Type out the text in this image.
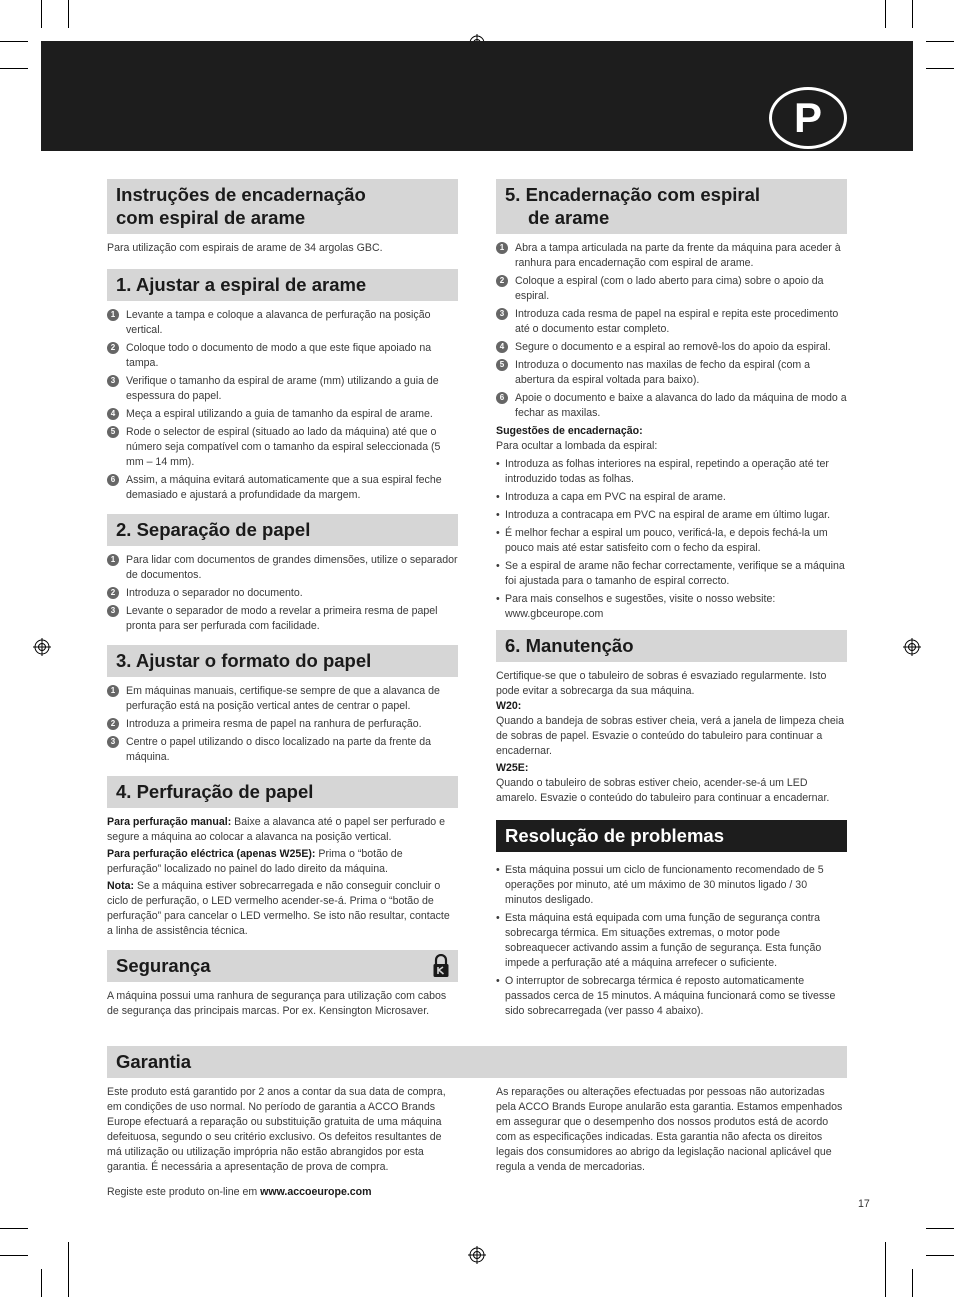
P
Instruções de encadernação
com espiral de arame
Para utilização com espirais de arame de 34 argolas GBC.
1. Ajustar a espiral de arame
1	Levante a tampa e coloque a alavanca de perfuração na posição vertical.
2	Coloque todo o documento de modo a que este fique apoiado na tampa.
3	Verifique o tamanho da espiral de arame (mm) utilizando a guia de espessura do papel.
4	Meça a espiral utilizando a guia de tamanho da espiral de arame.
5	Rode o selector de espiral (situado ao lado da máquina) até que o número seja compatível com o tamanho da espiral seleccionada (5 mm – 14 mm).
6	Assim, a máquina evitará automaticamente que a sua espiral feche demasiado e ajustará a profundidade da margem.
2. Separação de papel
1	Para lidar com documentos de grandes dimensões, utilize o separador de documentos.
2	Introduza o separador no documento.
3	Levante o separador de modo a revelar a primeira resma de papel pronta para ser perfurada com facilidade.
3. Ajustar o formato do papel
1	Em máquinas manuais, certifique-se sempre de que a alavanca de perfuração está na posição vertical antes de centrar o papel.
2	Introduza a primeira resma de papel na ranhura de perfuração.
3	Centre o papel utilizando o disco localizado na parte da frente da máquina.
4. Perfuração de papel
Para perfuração manual: Baixe a alavanca até o papel ser perfurado e segure a máquina ao colocar a alavanca na posição vertical.
Para perfuração eléctrica (apenas W25E): Prima o “botão de perfuração” localizado no painel do lado direito da máquina.
Nota: Se a máquina estiver sobrecarregada e não conseguir concluir o ciclo de perfuração, o LED vermelho acender-se-á. Prima o “botão de perfuração” para cancelar o LED vermelho. Se isto não resultar, contacte a linha de assistência técnica.
Segurança
A máquina possui uma ranhura de segurança para utilização com cabos de segurança das principais marcas. Por ex. Kensington Microsaver.
5. Encadernação com espiral
de arame
1	Abra a tampa articulada na parte da frente da máquina para aceder à ranhura para encadernação com espiral de arame.
2	Coloque a espiral (com o lado aberto para cima) sobre o apoio da espiral.
3	Introduza cada resma de papel na espiral e repita este procedimento até o documento estar completo.
4	Segure o documento e a espiral ao removê-los do apoio da espiral.
5	Introduza o documento nas maxilas de fecho da espiral (com a abertura da espiral voltada para baixo).
6	Apoie o documento e baixe a alavanca do lado da máquina de modo a fechar as maxilas.
Sugestões de encadernação:
Para ocultar a lombada da espiral:
• Introduza as folhas interiores na espiral, repetindo a operação até ter introduzido todas as folhas.
• Introduza a capa em PVC na espiral de arame.
• Introduza a contracapa em PVC na espiral de arame em último lugar.
• É melhor fechar a espiral um pouco, verificá-la, e depois fechá-la um pouco mais até estar satisfeito com o fecho da espiral.
• Se a espiral de arame não fechar correctamente, verifique se a máquina foi ajustada para o tamanho de espiral correcto.
• Para mais conselhos e sugestões, visite o nosso website: www.gbceurope.com
6. Manutenção
Certifique-se que o tabuleiro de sobras é esvaziado regularmente. Isto pode evitar a sobrecarga da sua máquina.
W20:
Quando a bandeja de sobras estiver cheia, verá a janela de limpeza cheia de sobras de papel. Esvazie o conteúdo do tabuleiro para continuar a encadernar.
W25E:
Quando o tabuleiro de sobras estiver cheio, acender-se-á um LED amarelo. Esvazie o conteúdo do tabuleiro para continuar a encadernar.
Resolução de problemas
• Esta máquina possui um ciclo de funcionamento recomendado de 5 operações por minuto, até um máximo de 30 minutos ligado / 30 minutos desligado.
• Esta máquina está equipada com uma função de segurança contra sobrecarga térmica. Em situações extremas, o motor pode sobreaquecer activando assim a função de segurança. Esta função impede a perfuração até a máquina arrefecer o suficiente.
• O interruptor de sobrecarga térmica é reposto automaticamente passados cerca de 15 minutos. A máquina funcionará como se tivesse sido sobrecarregada (ver passo 4 abaixo).
Garantia
Este produto está garantido por 2 anos a contar da sua data de compra, em condições de uso normal. No período de garantia a ACCO Brands Europe efectuará a reparação ou substituição gratuita de uma máquina defeituosa, segundo o seu critério exclusivo. Os defeitos resultantes de má utilização ou utilização imprópria não estão abrangidos por esta garantia. É necessária a apresentação de prova de compra.
Registe este produto on-line em www.accoeurope.com
As reparações ou alterações efectuadas por pessoas não autorizadas pela ACCO Brands Europe anularão esta garantia. Estamos empenhados em assegurar que o desempenho dos nossos produtos está de acordo com as especificações indicadas. Esta garantia não afecta os direitos legais dos consumidores ao abrigo da legislação nacional aplicável que regula a venda de mercadorias.
17
